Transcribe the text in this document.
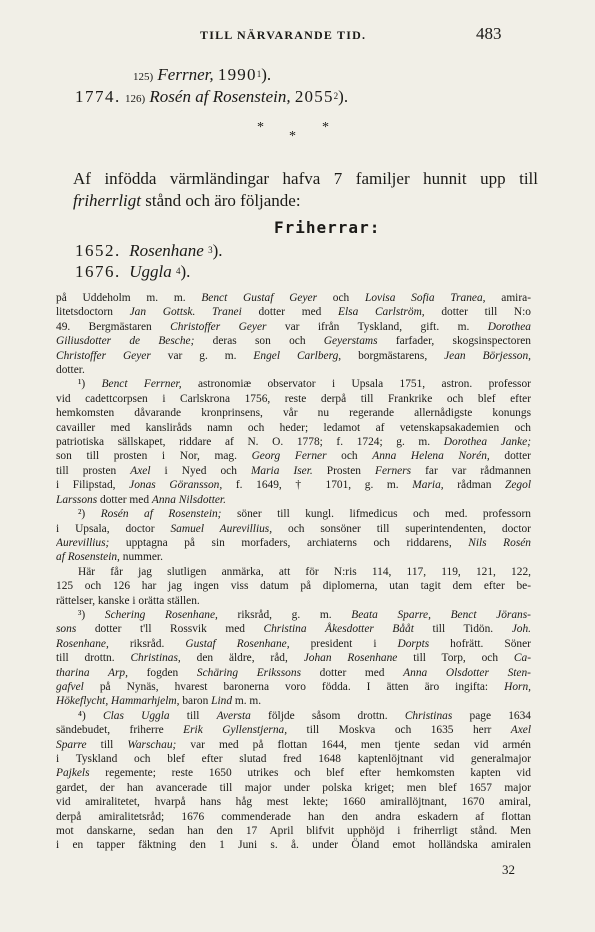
TILL NÄRVARANDE TID.	483
125) Ferrner, 1990$^1$).
1774. 126) Rosén af Rosenstein, 2055$^2$).
*	*
*
Af infödda värmländingar hafva 7 familjer hunnit upp till
friherrligt stånd och äro följande:
Friherrar:
1652. Rosenhane $^3$).
1676. Uggla $^4$).
på Uddeholm m. m. Benct Gustaf Geyer och Lovisa Sofia Tranea, amira-
litetsdoctorn Jan Gottsk. Tranei dotter med Elsa Carlström, dotter till N:o
49. Bergmästaren Christoffer Geyer var ifrån Tyskland, gift. m. Dorothea
Giliusdotter de Besche; deras son och Geyerstams farfader, skogsinspectoren
Christoffer Geyer var g. m. Engel Carlberg, borgmästarens, Jean Börjesson,
dotter.
¹) Benct Ferrner, astronomiæ observator i Upsala 1751, astron. professor
vid cadettcorpsen i Carlskrona 1756, reste derpå till Frankrike och blef efter
hemkomsten dåvarande kronprinsens, vår nu regerande allernådigste konungs
cavailler med kansliråds namn och heder; ledamot af vetenskapsakademien och
patriotiska sällskapet, riddare af N. O. 1778; f. 1724; g. m. Dorothea Janke;
son till prosten i Nor, mag. Georg Ferner och Anna Helena Norén, dotter
till prosten Axel i Nyed och Maria Iser. Prosten Ferners far var rådmannen
i Filipstad, Jonas Göransson, f. 1649, † 1701, g. m. Maria, rådman Zegol
Larssons dotter med Anna Nilsdotter.
²) Rosén af Rosenstein; söner till kungl. lifmedicus och med. professorn
i Upsala, doctor Samuel Aurevillius, och sonsöner till superintendenten, doctor
Aurevillius; upptagna på sin morfaders, archiaterns och riddarens, Nils Rosén
af Rosenstein, nummer.
Här får jag slutligen anmärka, att för N:ris 114, 117, 119, 121, 122,
125 och 126 har jag ingen viss datum på diplomerna, utan tagit dem efter be-
rättelser, kanske i orätta ställen.
³) Schering Rosenhane, riksråd, g. m. Beata Sparre, Benct Jörans-
sons dotter t'll Rossvik med Christina Åkesdotter Bååt till Tidön. Joh.
Rosenhane, riksråd. Gustaf Rosenhane, president i Dorpts hofrätt. Söner
till drottn. Christinas, den äldre, råd, Johan Rosenhane till Torp, och Ca-
tharina Arp, fogden Schäring Erikssons dotter med Anna Olsdotter Sten-
gafvel på Nynäs, hvarest baronerna voro födda. I ätten äro ingifta: Horn,
Hökeflycht, Hammarhjelm, baron Lind m. m.
⁴) Clas Uggla till Aversta följde såsom drottn. Christinas page 1634
sändebudet, friherre Erik Gyllenstjerna, till Moskva och 1635 herr Axel
Sparre till Warschau; var med på flottan 1644, men tjente sedan vid armén
i Tyskland och blef efter slutad fred 1648 kaptenlöjtnant vid generalmajor
Pajkels regemente; reste 1650 utrikes och blef efter hemkomsten kapten vid
gardet, der han avancerade till major under polska kriget; men blef 1657 major
vid amiralitetet, hvarpå hans håg mest lekte; 1660 amirallöjtnant, 1670 amiral,
derpå amiralitetsråd; 1676 commenderade han den andra eskadern af flottan
mot danskarne, sedan han den 17 April blifvit upphöjd i friherrligt stånd. Men
i en tapper fäktning den 1 Juni s. å. under Öland emot holländska amiralen
32
